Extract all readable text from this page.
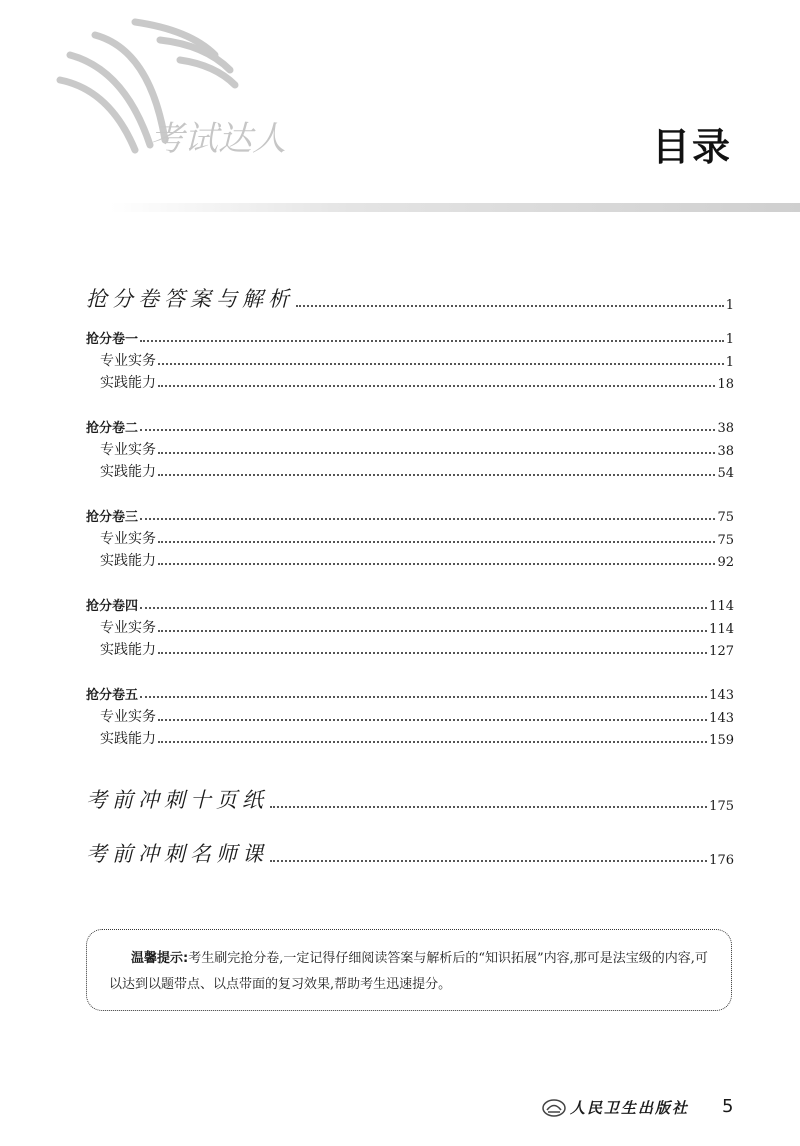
考试达人	目录
抢分卷答案与解析	1
抢分卷一	1
专业实务	1
实践能力	18
抢分卷二	38
专业实务	38
实践能力	54
抢分卷三	75
专业实务	75
实践能力	92
抢分卷四	114
专业实务	114
实践能力	127
抢分卷五	143
专业实务	143
实践能力	159
考前冲刺十页纸	175
考前冲刺名师课	176
温馨提示:考生刷完抢分卷,一定记得仔细阅读答案与解析后的“知识拓展”内容,那可是法宝级的内容,可以达到以题带点、以点带面的复习效果,帮助考生迅速提分。
人民卫生出版社 5
